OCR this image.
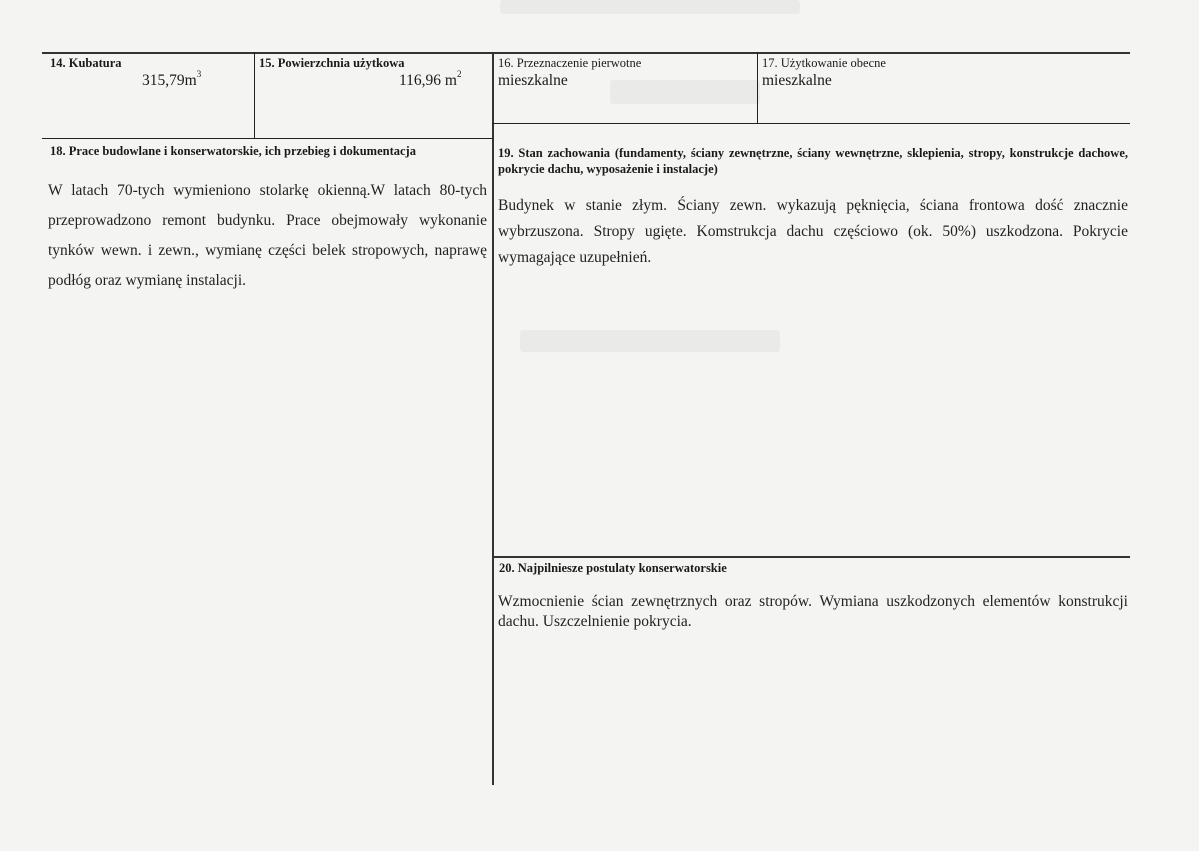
14. Kubatura
$315,79m^3$
15. Powierzchnia użytkowa
116,96 $m^2$
16. Przeznaczenie pierwotne
mieszkalne
17. Użytkowanie obecne
mieszkalne
18. Prace budowlane i konserwatorskie, ich przebieg i dokumentacja
W latach 70-tych wymieniono stolarkę okienną.W latach 80-tych przeprowadzono remont budynku. Prace obejmowały wykonanie tynków wewn. i zewn., wymianę części belek stropowych, naprawę podłóg oraz wymianę instalacji.
19. Stan zachowania (fundamenty, ściany zewnętrzne, ściany wewnętrzne, sklepienia, stropy, konstrukcje dachowe, pokrycie dachu, wyposażenie i instalacje)
Budynek w stanie złym. Ściany zewn. wykazują pęknięcia, ściana frontowa dość znacznie wybrzuszona. Stropy ugięte. Komstrukcja dachu częściowo (ok. 50%) uszkodzona. Pokrycie wymagające uzupełnień.
20. Najpilniesze postulaty konserwatorskie
Wzmocnienie ścian zewnętrznych oraz stropów. Wymiana uszkodzonych elementów konstrukcji dachu. Uszczelnienie pokrycia.
